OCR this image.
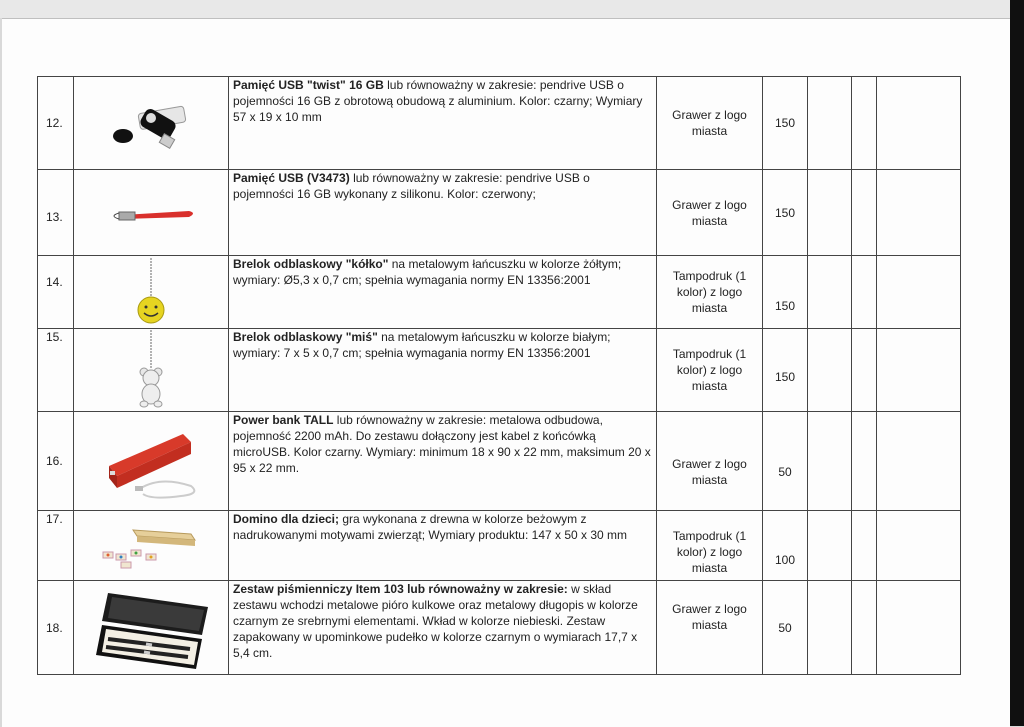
12.		Pamięć USB "twist" 16 GB lub równoważny w zakresie: pendrive USB o pojemności 16 GB z obrotową obudową z aluminium. Kolor: czarny; Wymiary 57 x 19 x 10 mm	Grawer z logo miasta	150			
13.		Pamięć USB (V3473) lub równoważny w zakresie: pendrive USB o pojemności 16 GB wykonany z silikonu. Kolor: czerwony;	Grawer z logo miasta	150			
14.		Brelok odblaskowy "kółko" na metalowym łańcuszku w kolorze żółtym; wymiary: Ø5,3 x 0,7 cm; spełnia wymagania normy EN 13356:2001	Tampodruk (1 kolor) z logo miasta	150			
15.		Brelok odblaskowy "miś" na metalowym łańcuszku w kolorze białym; wymiary: 7 x 5 x 0,7 cm; spełnia wymagania normy EN 13356:2001	Tampodruk (1 kolor) z logo miasta	150			
16.		Power bank TALL lub równoważny w zakresie: metalowa odbudowa, pojemność 2200 mAh. Do zestawu dołączony jest kabel z końcówką microUSB. Kolor czarny. Wymiary: minimum 18 x 90 x 22 mm, maksimum 20 x 95 x 22 mm.	Grawer z logo miasta	50			
17.		Domino dla dzieci; gra wykonana z drewna w kolorze beżowym z nadrukowanymi motywami zwierząt; Wymiary produktu: 147 x 50 x 30 mm	Tampodruk (1 kolor) z logo miasta	100			
18.		Zestaw piśmienniczy Item 103 lub równoważny w zakresie: w skład zestawu wchodzi metalowe pióro kulkowe oraz metalowy długopis w kolorze czarnym ze srebrnymi elementami. Wkład w kolorze niebieski. Zestaw zapakowany w upominkowe pudełko w kolorze czarnym o wymiarach 17,7 x 5,4 cm.	Grawer z logo miasta	50			
